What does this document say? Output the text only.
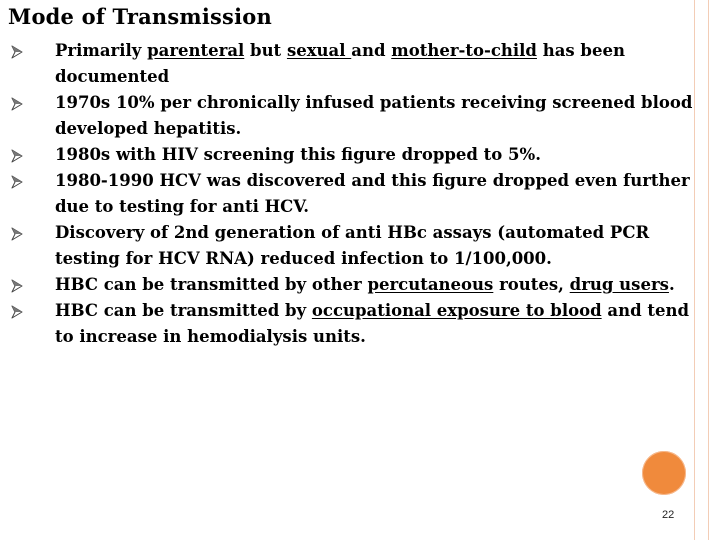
Mode of Transmission
Primarily parenteral but sexual and mother-to-child has been documented
1970s 10% per chronically infused patients receiving screened blood developed hepatitis.
1980s with HIV screening this figure dropped to 5%.
1980-1990 HCV was discovered and this figure dropped even further due to testing for anti HCV.
Discovery of 2nd generation of anti HBc assays (automated PCR testing for HCV RNA) reduced infection to 1/100,000.
HBC can be transmitted by other percutaneous routes, drug users.
HBC can be transmitted by occupational exposure to blood and tend to increase in hemodialysis units.
22
